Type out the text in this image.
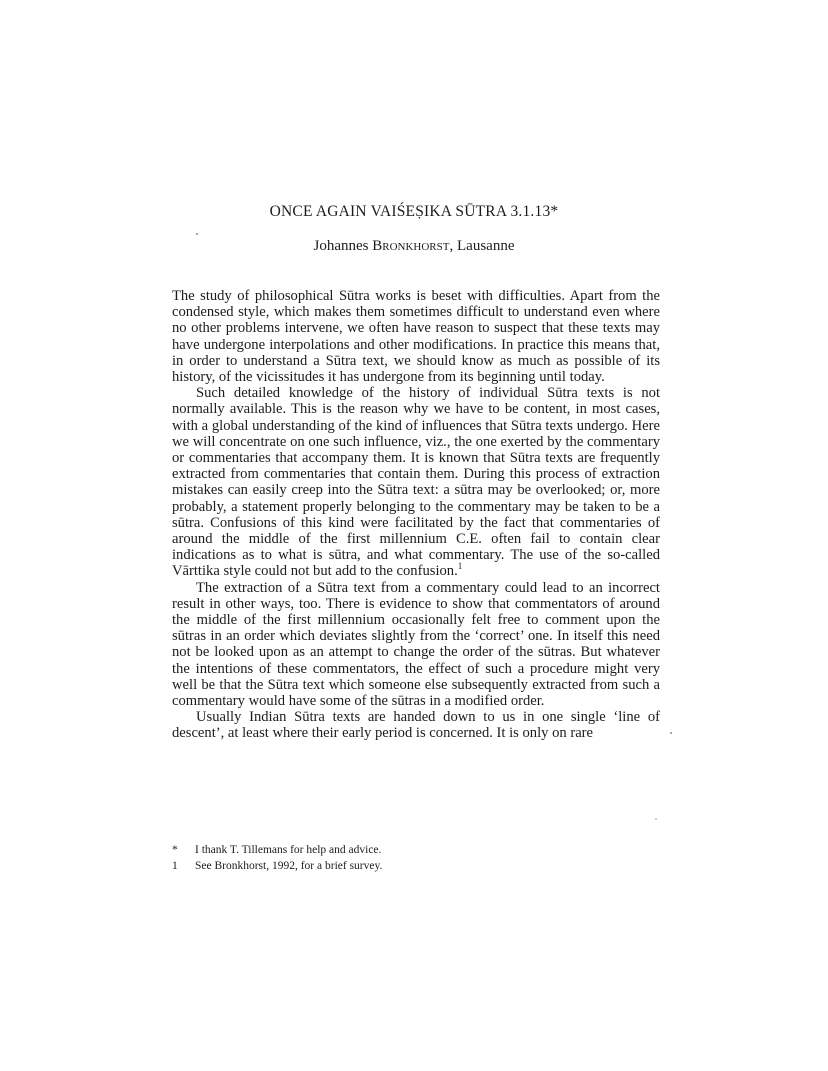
ONCE AGAIN VAIŚEṢIKA SŪTRA 3.1.13*
Johannes Bronkhorst, Lausanne

The study of philosophical Sūtra works is beset with difficulties. Apart from the condensed style, which makes them sometimes difficult to understand even where no other problems intervene, we often have reason to suspect that these texts may have undergone interpolations and other modifications. In practice this means that, in order to understand a Sūtra text, we should know as much as possible of its history, of the vicissitudes it has undergone from its beginning until today.

Such detailed knowledge of the history of individual Sūtra texts is not normally available. This is the reason why we have to be content, in most cases, with a global understanding of the kind of influences that Sūtra texts undergo. Here we will concentrate on one such influence, viz., the one exerted by the commentary or commentaries that accompany them. It is known that Sūtra texts are frequently extracted from commentaries that contain them. During this process of extraction mistakes can easily creep into the Sūtra text: a sūtra may be overlooked; or, more probably, a statement properly belonging to the commentary may be taken to be a sūtra. Confusions of this kind were facilitated by the fact that commentaries of around the middle of the first millennium C.E. often fail to contain clear indications as to what is sūtra, and what commentary. The use of the so-called Vārttika style could not but add to the confusion.$^1$

The extraction of a Sūtra text from a commentary could lead to an incorrect result in other ways, too. There is evidence to show that commentators of around the middle of the first millennium occasionally felt free to comment upon the sūtras in an order which deviates slightly from the ‘correct’ one. In itself this need not be looked upon as an attempt to change the order of the sūtras. But whatever the intentions of these commentators, the effect of such a procedure might very well be that the Sūtra text which someone else subsequently extracted from such a commentary would have some of the sūtras in a modified order.

Usually Indian Sūtra texts are handed down to us in one single ‘line of descent’, at least where their early period is concerned. It is only on rare

*	I thank T. Tillemans for help and advice.
1	See Bronkhorst, 1992, for a brief survey.
